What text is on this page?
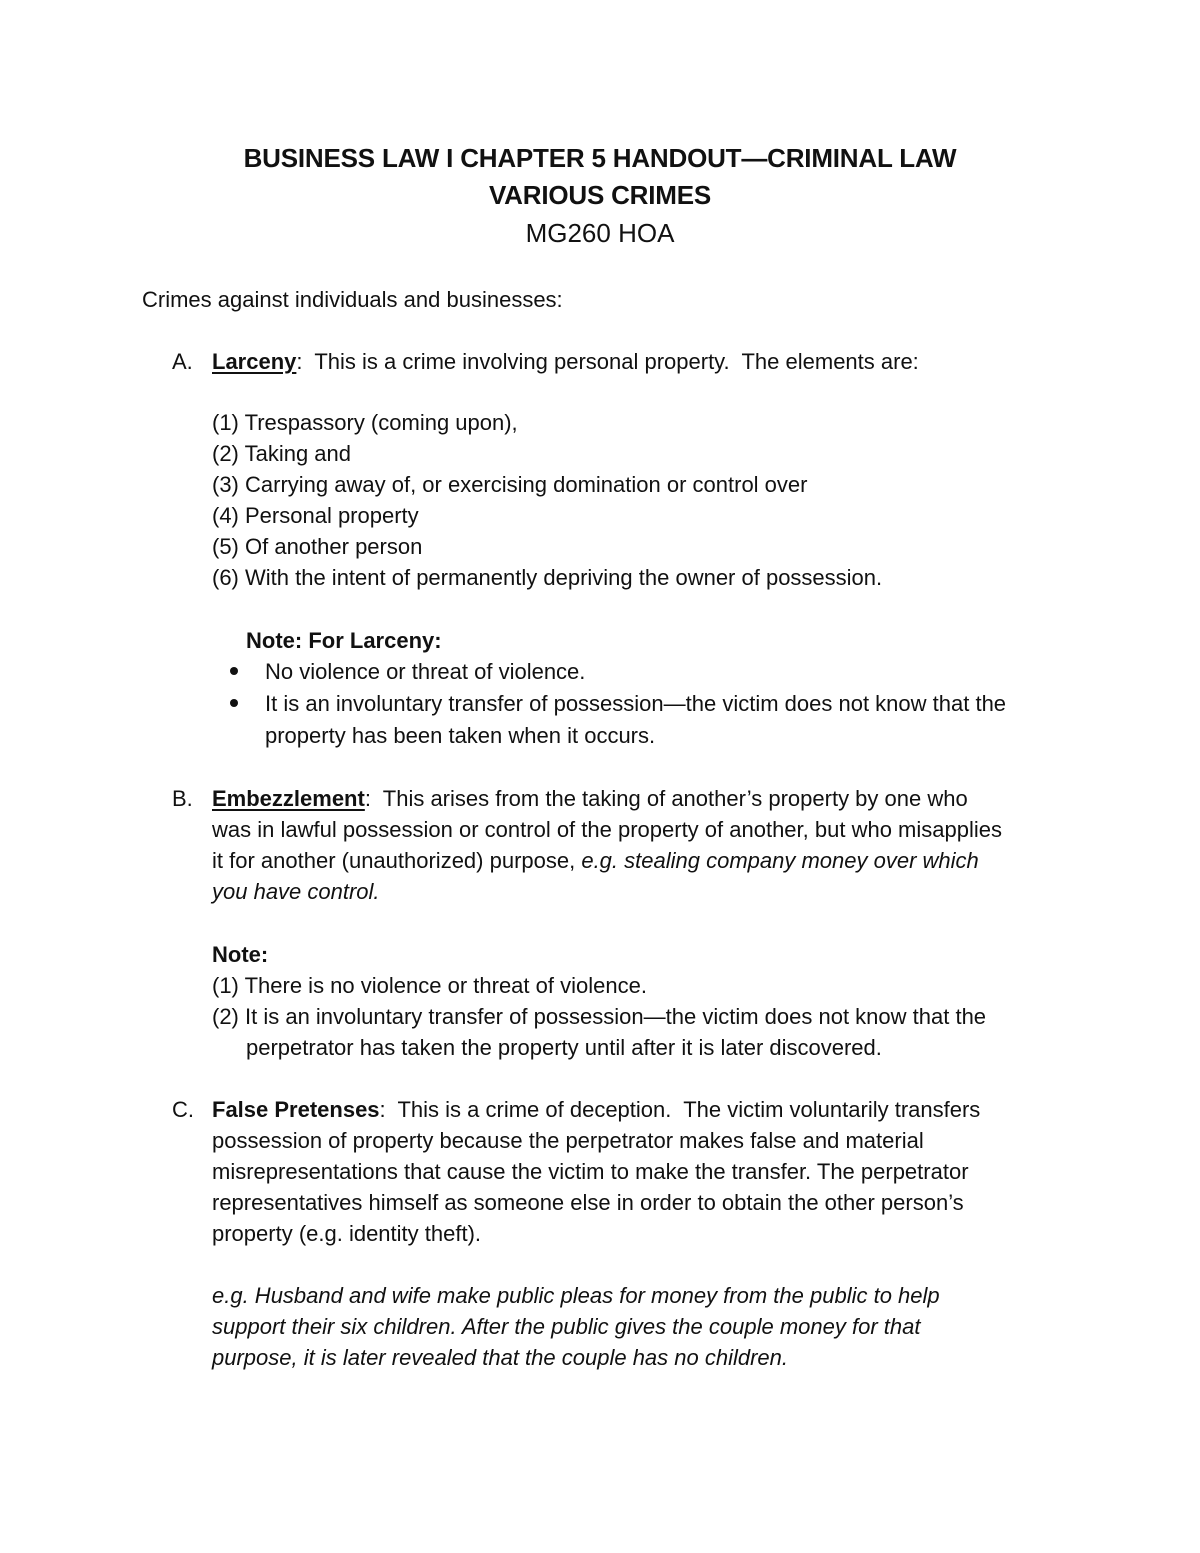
BUSINESS LAW I CHAPTER 5 HANDOUT—CRIMINAL LAW
VARIOUS CRIMES
MG260 HOA
Crimes against individuals and businesses:
A. Larceny:  This is a crime involving personal property.  The elements are:
(1) Trespassory (coming upon),
(2) Taking and
(3) Carrying away of, or exercising domination or control over
(4) Personal property
(5) Of another person
(6) With the intent of permanently depriving the owner of possession.
Note: For Larceny:
No violence or threat of violence.
It is an involuntary transfer of possession—the victim does not know that the
property has been taken when it occurs.
B. Embezzlement:  This arises from the taking of another’s property by one who
was in lawful possession or control of the property of another, but who misapplies
it for another (unauthorized) purpose, e.g. stealing company money over which
you have control.
Note:
(1) There is no violence or threat of violence.
(2) It is an involuntary transfer of possession—the victim does not know that the
perpetrator has taken the property until after it is later discovered.
C. False Pretenses:  This is a crime of deception.  The victim voluntarily transfers
possession of property because the perpetrator makes false and material
misrepresentations that cause the victim to make the transfer. The perpetrator
representatives himself as someone else in order to obtain the other person’s
property (e.g. identity theft).
e.g. Husband and wife make public pleas for money from the public to help
support their six children. After the public gives the couple money for that
purpose, it is later revealed that the couple has no children.
